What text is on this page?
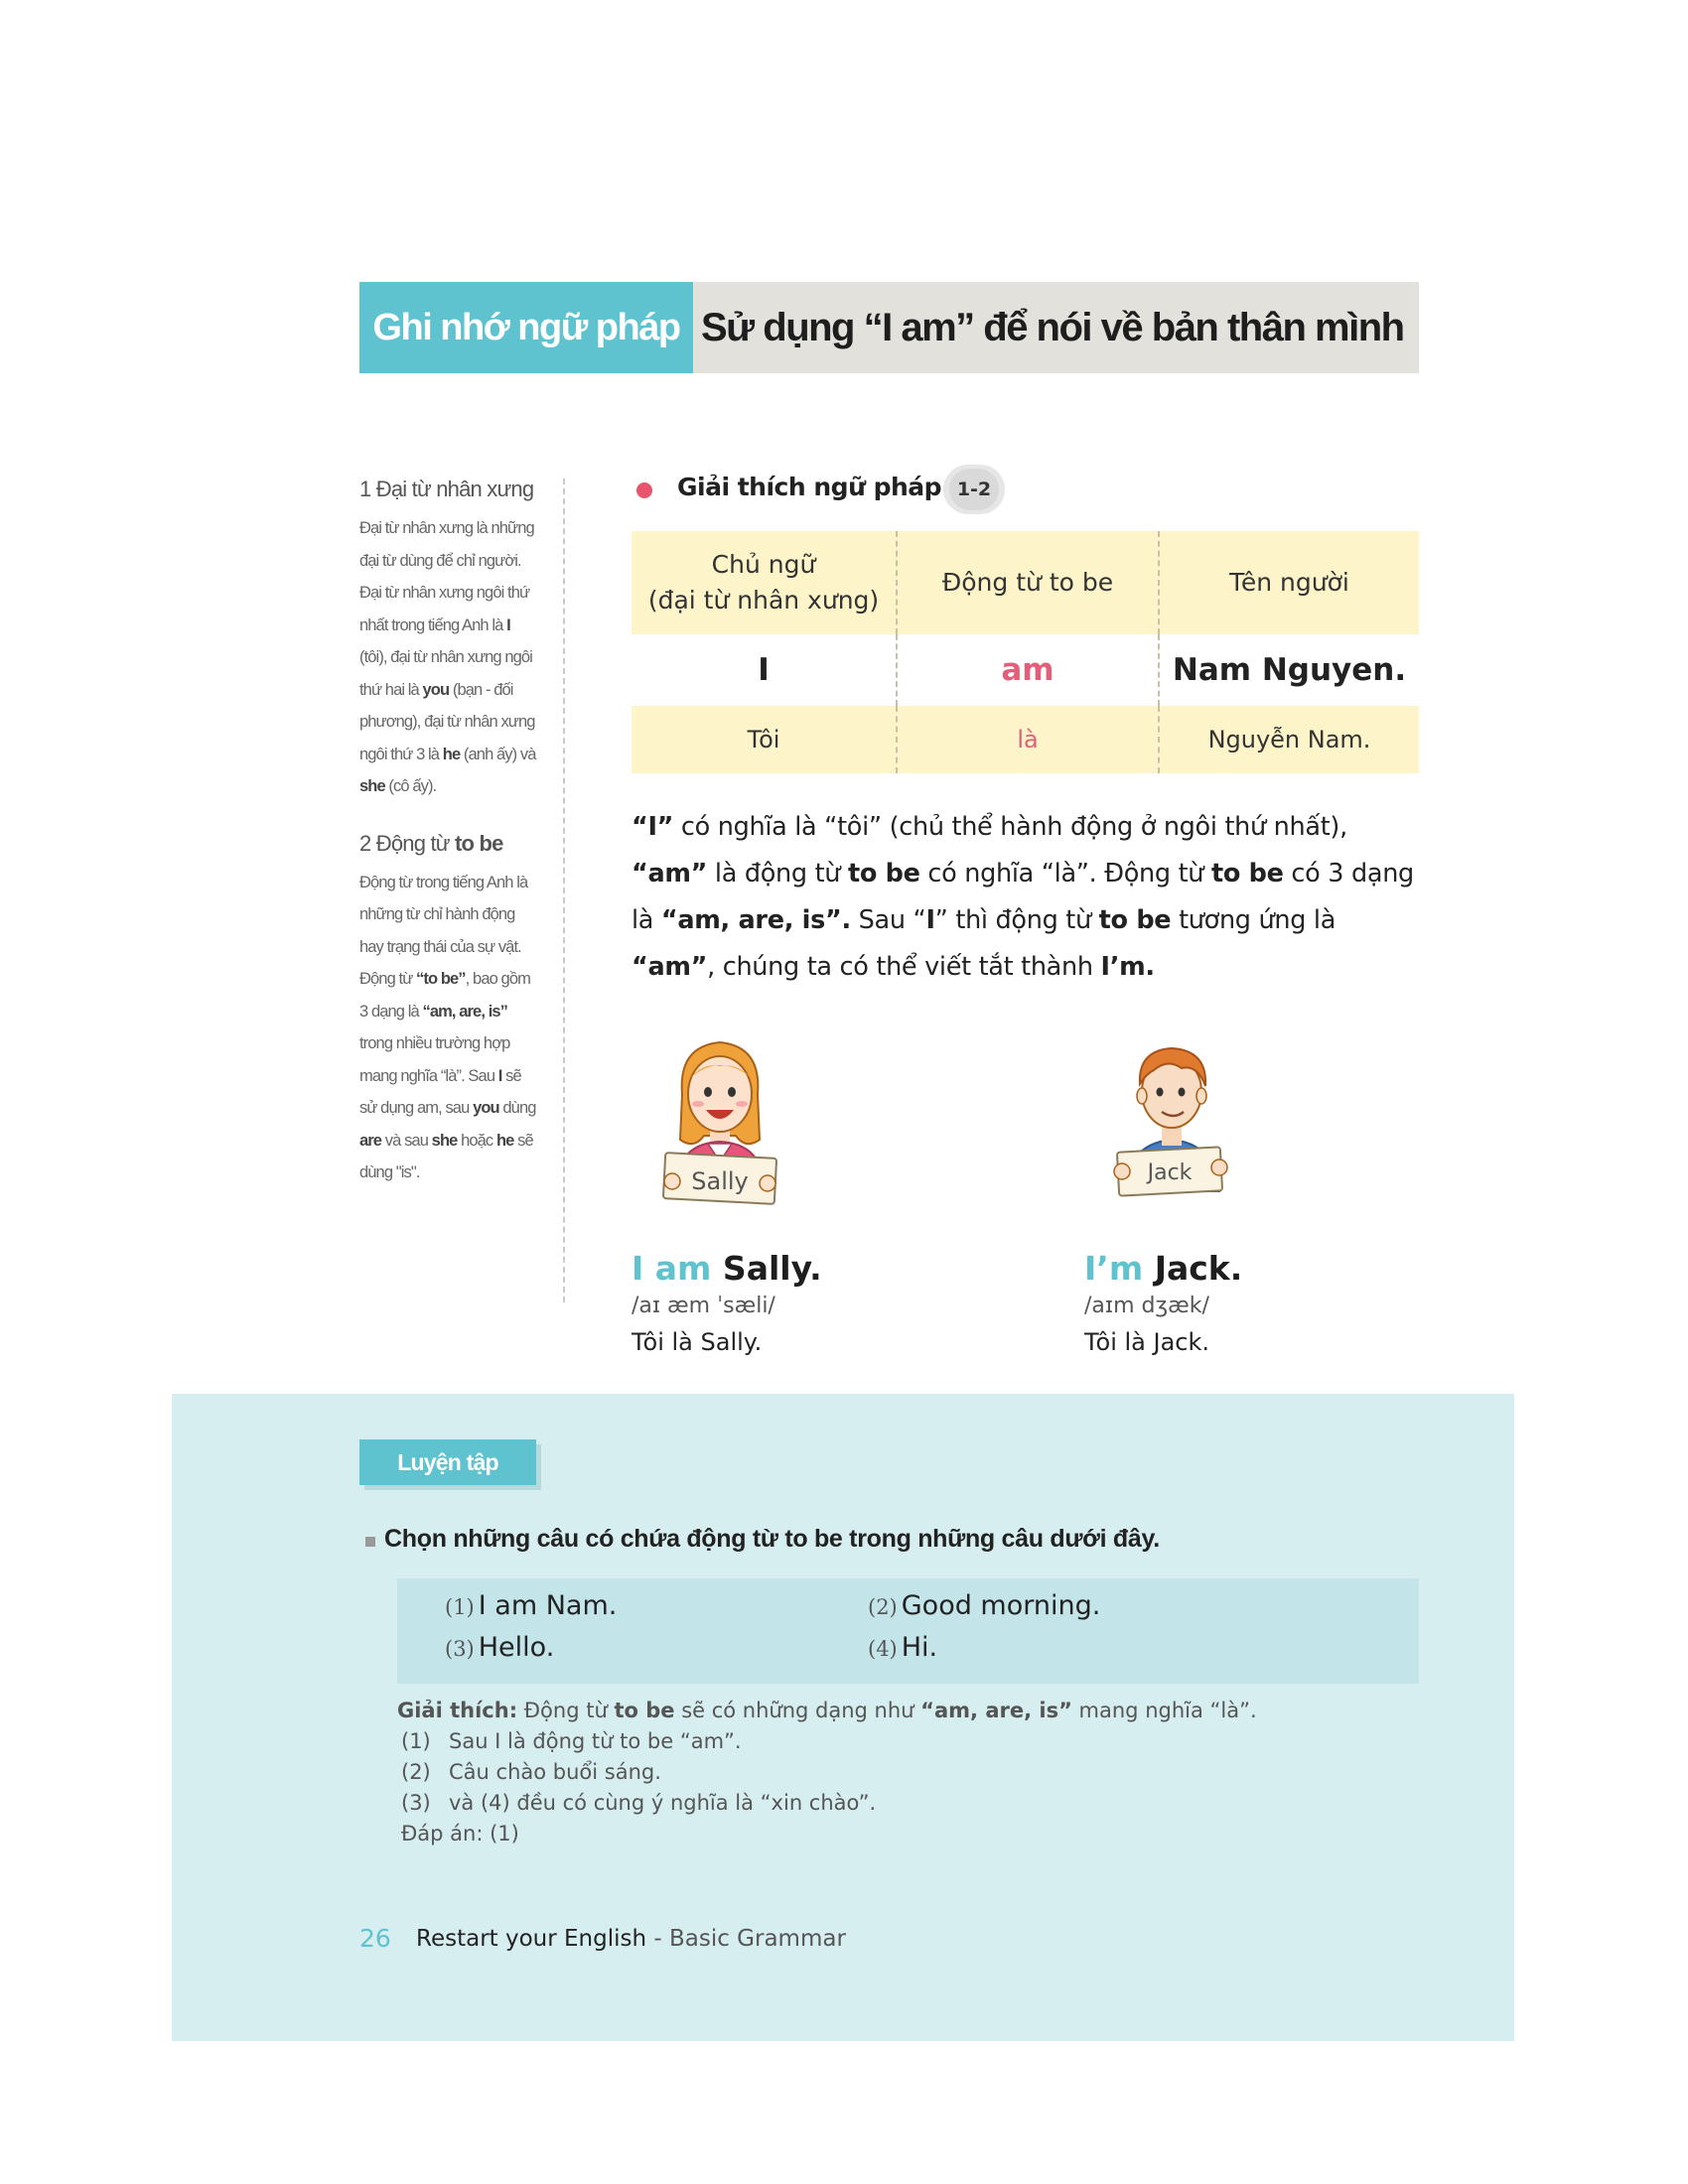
Ghi nhớ ngữ pháp Sử dụng “I am” để nói về bản thân mình
1 Đại từ nhân xưng
Đại từ nhân xưng là những đại từ dùng để chỉ người. Đại từ nhân xưng ngôi thứ nhất trong tiếng Anh là I (tôi), đại từ nhân xưng ngôi thứ hai là you (bạn - đối phương), đại từ nhân xưng ngôi thứ 3 là he (anh ấy) và she (cô ấy).
2 Động từ to be
Động từ trong tiếng Anh là những từ chỉ hành động hay trạng thái của sự vật. Động từ “to be”, bao gồm 3 dạng là “am, are, is” trong nhiều trường hợp mang nghĩa “là”. Sau I sẽ sử dụng am, sau you dùng are và sau she hoặc he sẽ dùng "is".
Giải thích ngữ pháp 1-2
Chủ ngữ
(đại từ nhân xưng)	Động từ to be	Tên người
I	am	Nam Nguyen.
Tôi	là	Nguyễn Nam.
“I” có nghĩa là “tôi” (chủ thể hành động ở ngôi thứ nhất), “am” là động từ to be có nghĩa “là”. Động từ to be có 3 dạng là “am, are, is”. Sau “I” thì động từ to be tương ứng là “am”, chúng ta có thể viết tắt thành I’m.
Sally	Jack
I am Sally.
/aɪ æm ˈsæli/
Tôi là Sally.
I’m Jack.
/aɪm dʒæk/
Tôi là Jack.
Luyện tập
Chọn những câu có chứa động từ to be trong những câu dưới đây.
(1) I am Nam.	(2) Good morning.
(3) Hello.	(4) Hi.
Giải thích: Động từ to be sẽ có những dạng như “am, are, is” mang nghĩa “là”.
(1) Sau I là động từ to be “am”.
(2) Câu chào buổi sáng.
(3) và (4) đều có cùng ý nghĩa là “xin chào”.
Đáp án: (1)
26 Restart your English - Basic Grammar
